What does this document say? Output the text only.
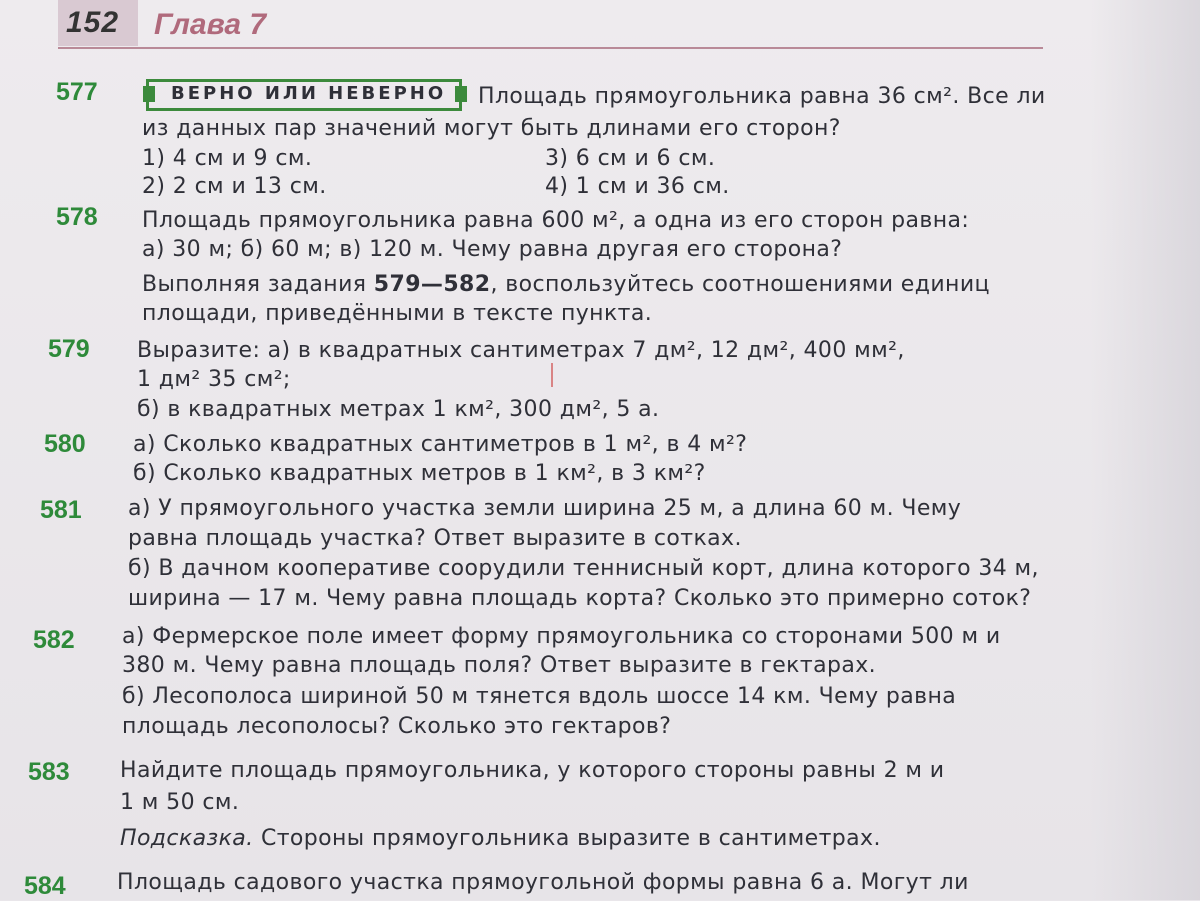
152 Глава 7
577	ВЕРНО ИЛИ НЕВЕРНО Площадь прямоугольника равна 36 см². Все ли
из данных пар значений могут быть длинами его сторон?
1) 4 см и 9 см.
2) 2 см и 13 см.
3) 6 см и 6 см.
4) 1 см и 36 см.
578 Площадь прямоугольника равна 600 м², а одна из его сторон равна:
а) 30 м; б) 60 м; в) 120 м. Чему равна другая его сторона?
Выполняя задания 579—582, воспользуйтесь соотношениями единиц
площади, приведёнными в тексте пункта.
579 Выразите: а) в квадратных сантиметрах 7 дм², 12 дм², 400 мм²,
1 дм² 35 см²;
б) в квадратных метрах 1 км², 300 дм², 5 а.
580 а) Сколько квадратных сантиметров в 1 м², в 4 м²?
б) Сколько квадратных метров в 1 км², в 3 км²?
581 а) У прямоугольного участка земли ширина 25 м, а длина 60 м. Чему
равна площадь участка? Ответ выразите в сотках.
б) В дачном кооперативе соорудили теннисный корт, длина которого 34 м,
ширина — 17 м. Чему равна площадь корта? Сколько это примерно соток?
582 а) Фермерское поле имеет форму прямоугольника со сторонами 500 м и
380 м. Чему равна площадь поля? Ответ выразите в гектарах.
б) Лесополоса шириной 50 м тянется вдоль шоссе 14 км. Чему равна
площадь лесополосы? Сколько это гектаров?
583 Найдите площадь прямоугольника, у которого стороны равны 2 м и
1 м 50 см.
Подсказка. Стороны прямоугольника выразите в сантиметрах.
584 Площадь садового участка прямоугольной формы равна 6 а. Могут ли
